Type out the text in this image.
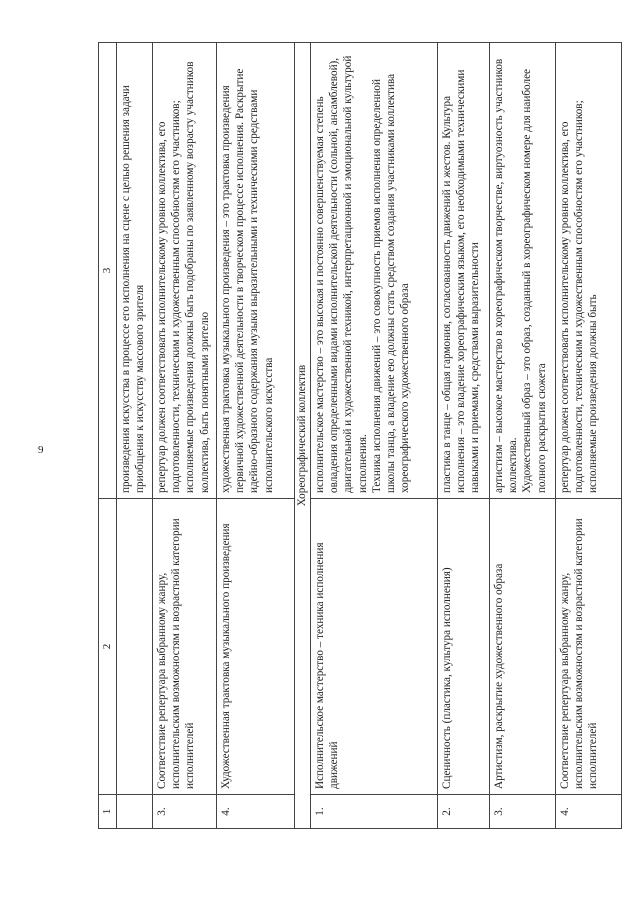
9
1	2	3

		произведения искусства в процессе его исполнения на сцене с целью решения задачи приобщения к искусству массового зрителя

3.	Соответствие репертуара выбранному жанру, исполнительским возможностям и возрастной категории исполнителей	репертуар должен соответствовать исполнительскому уровню коллектива, его подготовленности, техническим и художественным способностям его участников; исполняемые произведения должны быть подобраны по заявленному возрасту участников коллектива, быть понятными зрителю

4.	Художественная трактовка музыкального произведения	художественная трактовка музыкального произведения – это трактовка произведения первичной художественной деятельности в творческом процессе исполнения. Раскрытие идейно-образного содержания музыки выразительными и техническими средствами исполнительского искусства

Хореографический коллектив		
1.	Исполнительское мастерство – техника исполнения движений	исполнительское мастерство – это высокая и постоянно совершенствуемая степень овладения определенными видами исполнительской деятельности (сольной, ансамблевой), двигательной и художественной техникой, интерпретационной и эмоциональной культурой исполнения. Техника исполнения движений – это совокупность приемов исполнения определенной школы танца, а владение ею должны стать средством создания участниками коллектива хореографического художественного образа

2.	Сценичность (пластика, культура исполнения)	пластика в танце – общая гармония, согласованность движений и жестов. Культура исполнения – это владение хореографическим языком, его необходимыми техническими навыками и приемами, средствами выразительности

3.	Артистизм, раскрытие художественного образа	артистизм – высокое мастерство в хореографическом творчестве, виртуозность участников коллектива. Художественный образ – это образ, созданный в хореографическом номере для наиболее полного раскрытия сюжета

4.	Соответствие репертуара выбранному жанру, исполнительским возможностям и возрастной категории исполнителей	репертуар должен соответствовать исполнительскому уровню коллектива, его подготовленности, техническим и художественным способностям его участников; исполняемые произведения должны быть
